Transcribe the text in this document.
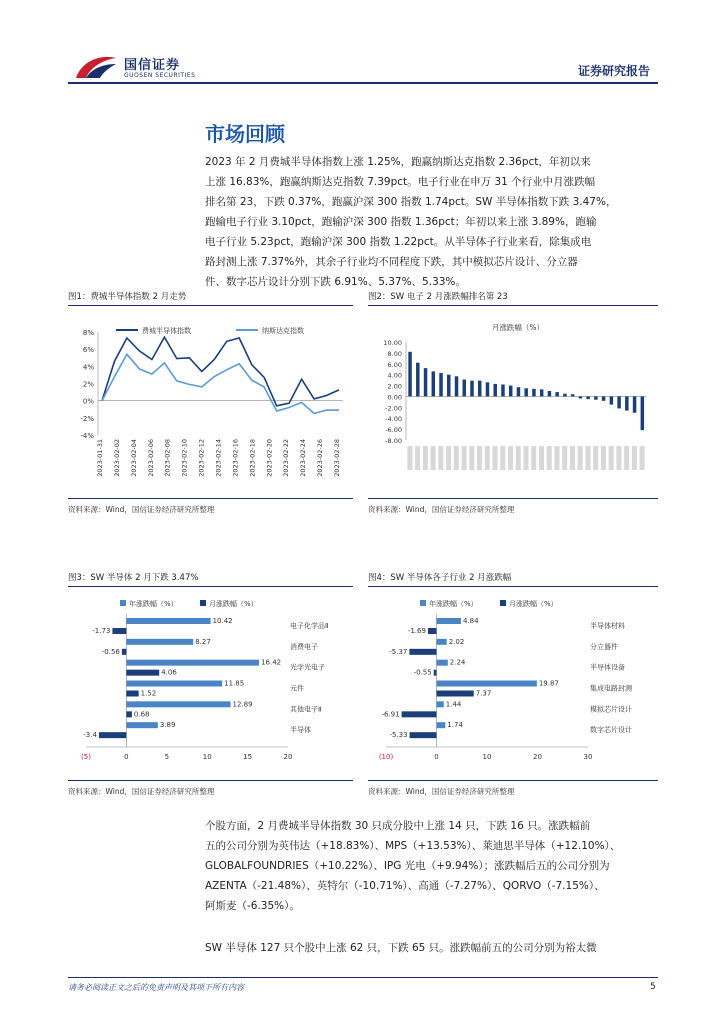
国信证券
GUOSEN SECURITIES	证券研究报告
市场回顾
2023 年 2 月费城半导体指数上涨 1.25%，跑赢纳斯达克指数 2.36pct，年初以来
上涨 16.83%，跑赢纳斯达克指数 7.39pct。电子行业在申万 31 个行业中月涨跌幅
排名第 23，下跌 0.37%，跑赢沪深 300 指数 1.74pct。SW 半导体指数下跌 3.47%，
跑输电子行业 3.10pct，跑输沪深 300 指数 1.36pct；年初以来上涨 3.89%，跑输
电子行业 5.23pct，跑输沪深 300 指数 1.22pct。从半导体子行业来看，除集成电
路封测上涨 7.37%外，其余子行业均不同程度下跌，其中模拟芯片设计、分立器
件、数字芯片设计分别下跌 6.91%、5.37%、5.33%。
图1：费城半导体指数 2 月走势
8%
6%
4%
2%
0%
-2%
-4%
2023-01-31 2023-02-02 2023-02-04 2023-02-06 2023-02-08 2023-02-10 2023-02-12 2023-02-14 2023-02-16 2023-02-18 2023-02-20 2023-02-22 2023-02-24 2023-02-26 2023-02-28
费城半导体指数	纳斯达克指数
资料来源：Wind，国信证券经济研究所整理
图2：SW 电子 2 月涨跌幅排名第 23
月涨跌幅（%）
10.00
8.00
6.00
4.00
2.00
0.00
-2.00
-4.00
-6.00
-8.00
资料来源：Wind，国信证券经济研究所整理
图3：SW 半导体 2 月下跌 3.47%
年涨跌幅（%）	月涨跌幅（%）
10.42
-1.73
电子化学品Ⅱ
8.27
-0.56
消费电子
16.42
4.06
光学光电子
11.85
1.52
元件
12.89
0.68
其他电子Ⅱ
3.89
-3.4
半导体
(5)	0	5	10	15	20
资料来源：Wind，国信证券经济研究所整理
图4：SW 半导体各子行业 2 月涨跌幅
年涨跌幅（%）	月涨跌幅（%）
4.84
-1.69
半导体材料
2.02
-5.37
分立器件
2.24
-0.55
半导体设备
19.87
7.37
集成电路封测
1.44
-6.91
模拟芯片设计
1.74
-5.33
数字芯片设计
(10)	0	10	20	30
资料来源：Wind，国信证券经济研究所整理
个股方面，2 月费城半导体指数 30 只成分股中上涨 14 只，下跌 16 只。涨跌幅前
五的公司分别为英伟达（+18.83%）、MPS（+13.53%）、莱迪思半导体（+12.10%）、
GLOBALFOUNDRIES（+10.22%）、IPG 光电（+9.94%）；涨跌幅后五的公司分别为
AZENTA（-21.48%）、英特尔（-10.71%）、高通（-7.27%）、QORVO（-7.15%）、
阿斯麦（-6.35%）。
SW 半导体 127 只个股中上涨 62 只，下跌 65 只。涨跌幅前五的公司分别为裕太微
请务必阅读正文之后的免责声明及其项下所有内容	5
